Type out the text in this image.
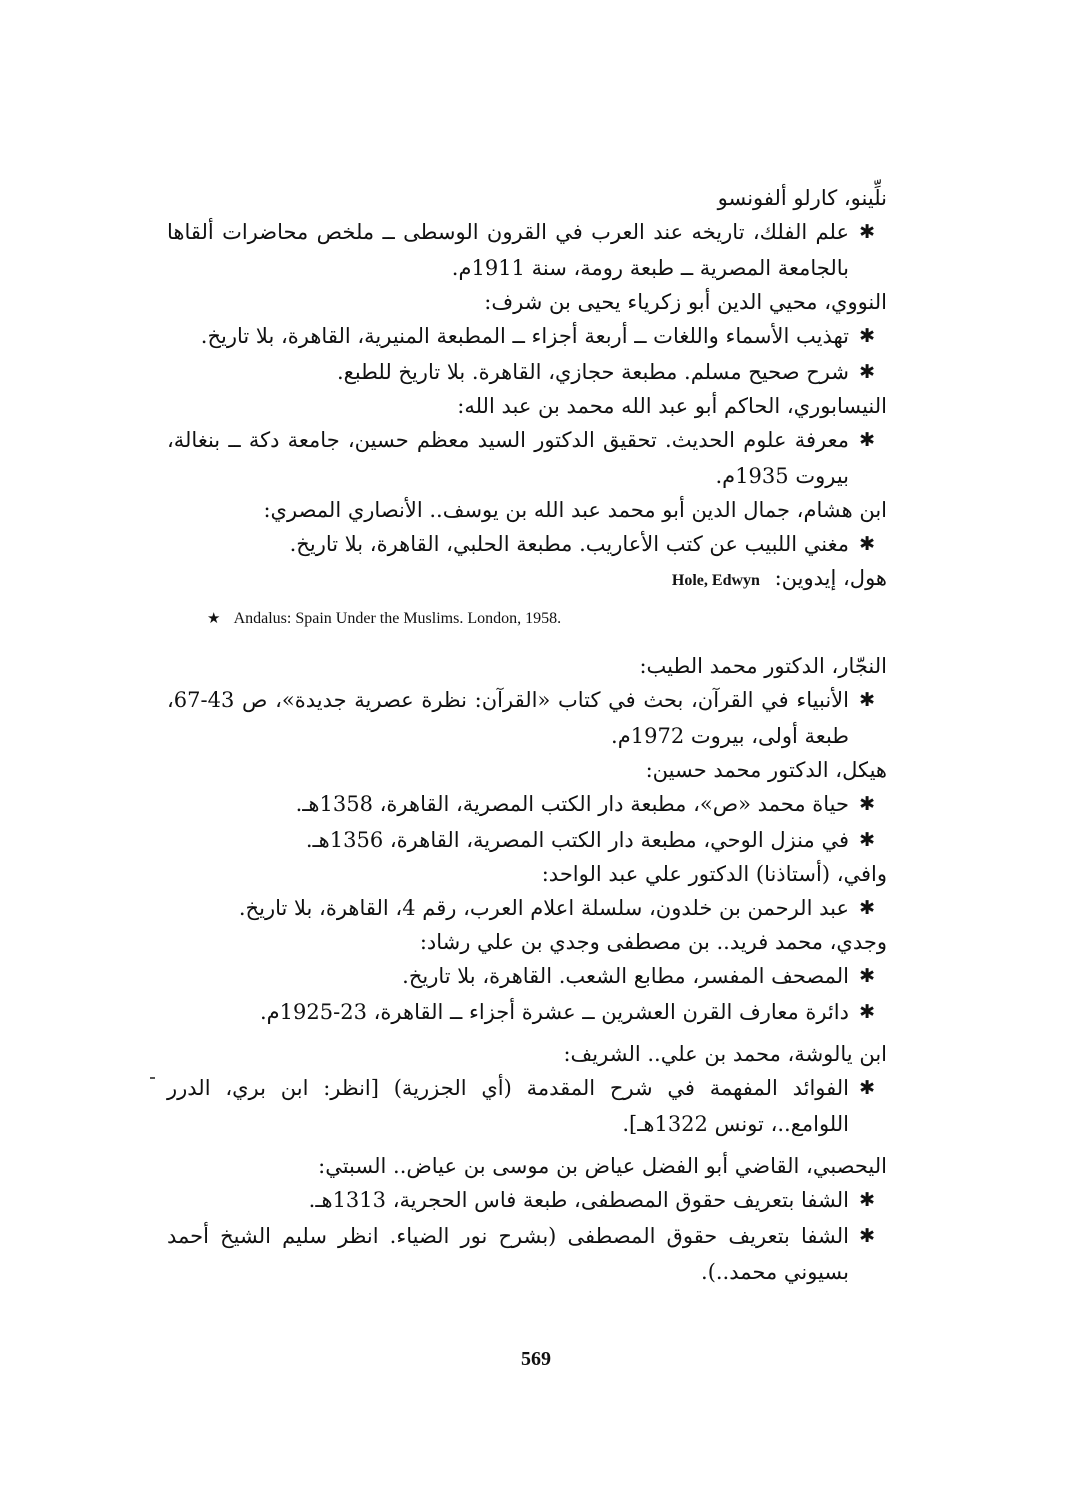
نلِّينو، كارلو ألفونسو

✱
علم الفلك، تاريخه عند العرب في القرون الوسطى ــ ملخص محاضرات ألقاها بالجامعة المصرية ــ طبعة رومة، سنة 1911م.

النووي، محيي الدين أبو زكرياء يحيى بن شرف:

✱
تهذيب الأسماء واللغات ــ أربعة أجزاء ــ المطبعة المنيرية، القاهرة، بلا تاريخ.

✱
شرح صحيح مسلم. مطبعة حجازي، القاهرة. بلا تاريخ للطبع.

النيسابوري، الحاكم أبو عبد الله محمد بن عبد الله:

✱
معرفة علوم الحديث. تحقيق الدكتور السيد معظم حسين، جامعة دكة ــ بنغالة، بيروت 1935م.

ابن هشام، جمال الدين أبو محمد عبد الله بن يوسف.. الأنصاري المصري:

✱
مغني اللبيب عن كتب الأعاريب. مطبعة الحلبي، القاهرة، بلا تاريخ.

هول، إيدوين: Hole, Edwyn

★ Andalus: Spain Under the Muslims. London, 1958.

النجّار، الدكتور محمد الطيب:

✱
الأنبياء في القرآن، بحث في كتاب «القرآن: نظرة عصرية جديدة»، ص 43-67، طبعة أولى، بيروت 1972م.

هيكل، الدكتور محمد حسين:

✱
حياة محمد «ص»، مطبعة دار الكتب المصرية، القاهرة، 1358هـ.

✱
في منزل الوحي، مطبعة دار الكتب المصرية، القاهرة، 1356هـ.

وافي، (أستاذنا) الدكتور علي عبد الواحد:

✱
عبد الرحمن بن خلدون، سلسلة اعلام العرب، رقم 4، القاهرة، بلا تاريخ.

وجدي، محمد فريد.. بن مصطفى وجدي بن علي رشاد:

✱
المصحف المفسر، مطابع الشعب. القاهرة، بلا تاريخ.

✱
دائرة معارف القرن العشرين ــ عشرة أجزاء ــ القاهرة، 23-1925م.

ابن يالوشة، محمد بن علي.. الشريف:

✱
الفوائد المفهمة في شرح المقدمة (أي الجزرية) [انظر: ابن بري، الدرر اللوامع..، تونس 1322هـ].

اليحصبي، القاضي أبو الفضل عياض بن موسى بن عياض.. السبتي:

✱
الشفا بتعريف حقوق المصطفى، طبعة فاس الحجرية، 1313هـ.

✱
الشفا بتعريف حقوق المصطفى (بشرح نور الضياء. انظر سليم الشيخ أحمد بسيوني محمد..).

569
